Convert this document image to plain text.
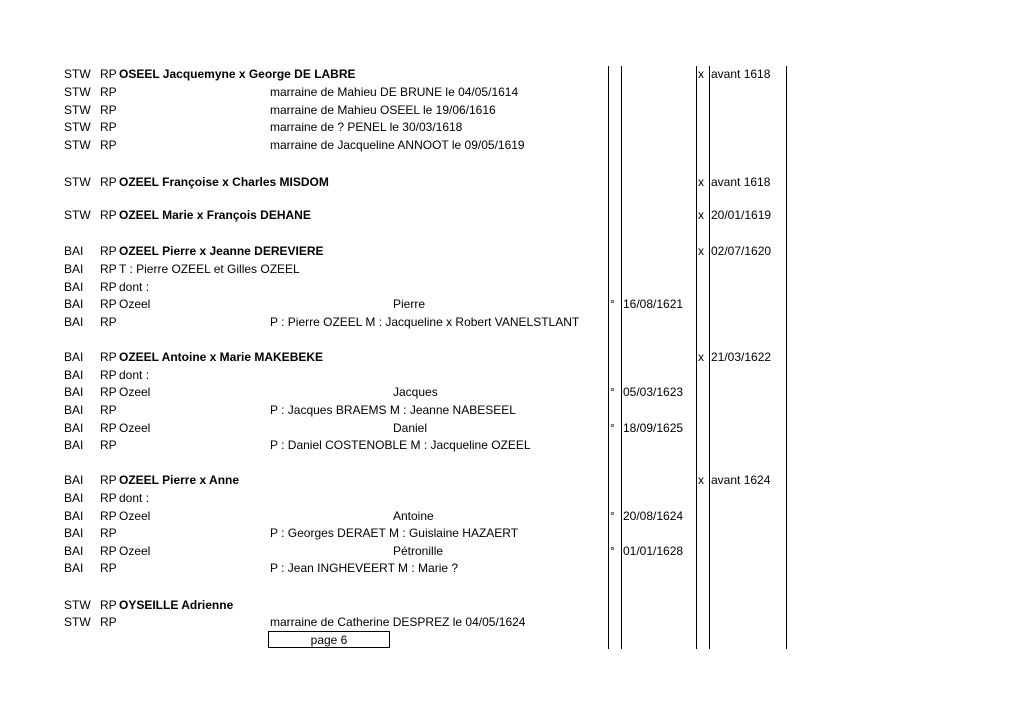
STW RP OSEEL Jacquemyne x George DE LABRE	x avant 1618
STW RP	marraine de Mahieu DE BRUNE le 04/05/1614
STW RP	marraine de Mahieu OSEEL le 19/06/1616
STW RP	marraine de ? PENEL le 30/03/1618
STW RP	marraine de Jacqueline ANNOOT le 09/05/1619
STW RP OZEEL Françoise x Charles MISDOM	x avant 1618
STW RP OZEEL Marie x François DEHANE	x 20/01/1619
BAI RP OZEEL Pierre x Jeanne DEREVIERE	x 02/07/1620
BAI RP T : Pierre OZEEL et Gilles OZEEL
BAI RP dont :
BAI RP Ozeel	Pierre	° 16/08/1621
BAI RP	P : Pierre OZEEL M : Jacqueline x Robert VANELSTLANT
BAI RP OZEEL Antoine x Marie MAKEBEKE	x 21/03/1622
BAI RP dont :
BAI RP Ozeel	Jacques	° 05/03/1623
BAI RP	P : Jacques BRAEMS M : Jeanne NABESEEL
BAI RP Ozeel	Daniel	° 18/09/1625
BAI RP	P : Daniel COSTENOBLE M : Jacqueline OZEEL
BAI RP OZEEL Pierre x Anne	x avant 1624
BAI RP dont :
BAI RP Ozeel	Antoine	° 20/08/1624
BAI RP	P : Georges DERAET M : Guislaine HAZAERT
BAI RP Ozeel	Pétronille	° 01/01/1628
BAI RP	P : Jean INGHEVEERT M : Marie ?
STW RP OYSEILLE Adrienne
STW RP	marraine de Catherine DESPREZ le 04/05/1624
page 6
